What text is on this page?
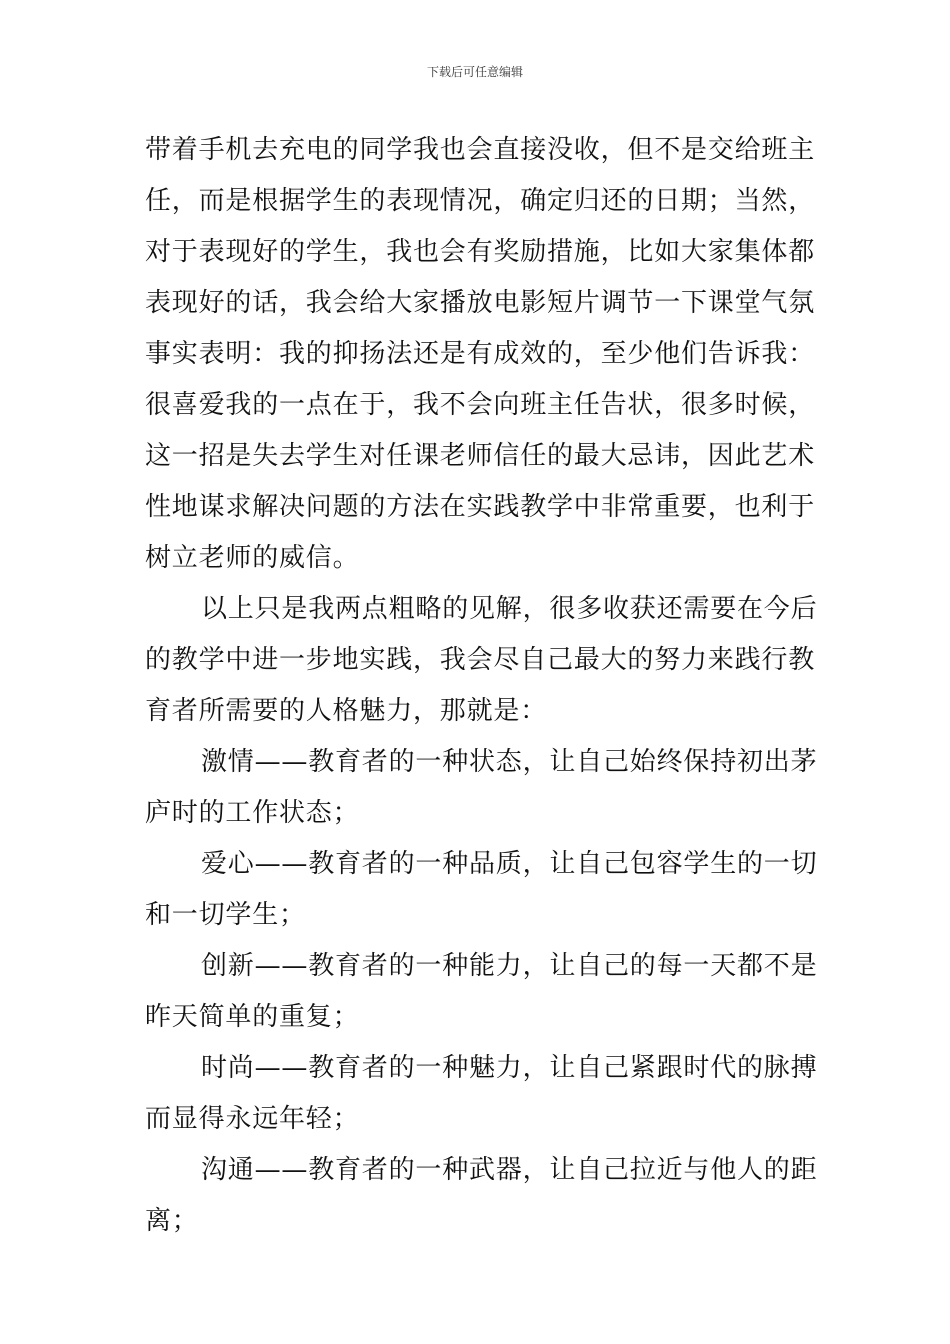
下载后可任意编辑
带着手机去充电的同学我也会直接没收，但不是交给班主
任，而是根据学生的表现情况，确定归还的日期；当然，
对于表现好的学生，我也会有奖励措施，比如大家集体都
表现好的话，我会给大家播放电影短片调节一下课堂气氛
事实表明：我的抑扬法还是有成效的，至少他们告诉我：
很喜爱我的一点在于，我不会向班主任告状，很多时候，
这一招是失去学生对任课老师信任的最大忌讳，因此艺术
性地谋求解决问题的方法在实践教学中非常重要，也利于
树立老师的威信。
以上只是我两点粗略的见解，很多收获还需要在今后
的教学中进一步地实践，我会尽自己最大的努力来践行教
育者所需要的人格魅力，那就是：
激情——教育者的一种状态，让自己始终保持初出茅
庐时的工作状态；
爱心——教育者的一种品质，让自己包容学生的一切
和一切学生；
创新——教育者的一种能力，让自己的每一天都不是
昨天简单的重复；
时尚——教育者的一种魅力，让自己紧跟时代的脉搏
而显得永远年轻；
沟通——教育者的一种武器，让自己拉近与他人的距
离；
